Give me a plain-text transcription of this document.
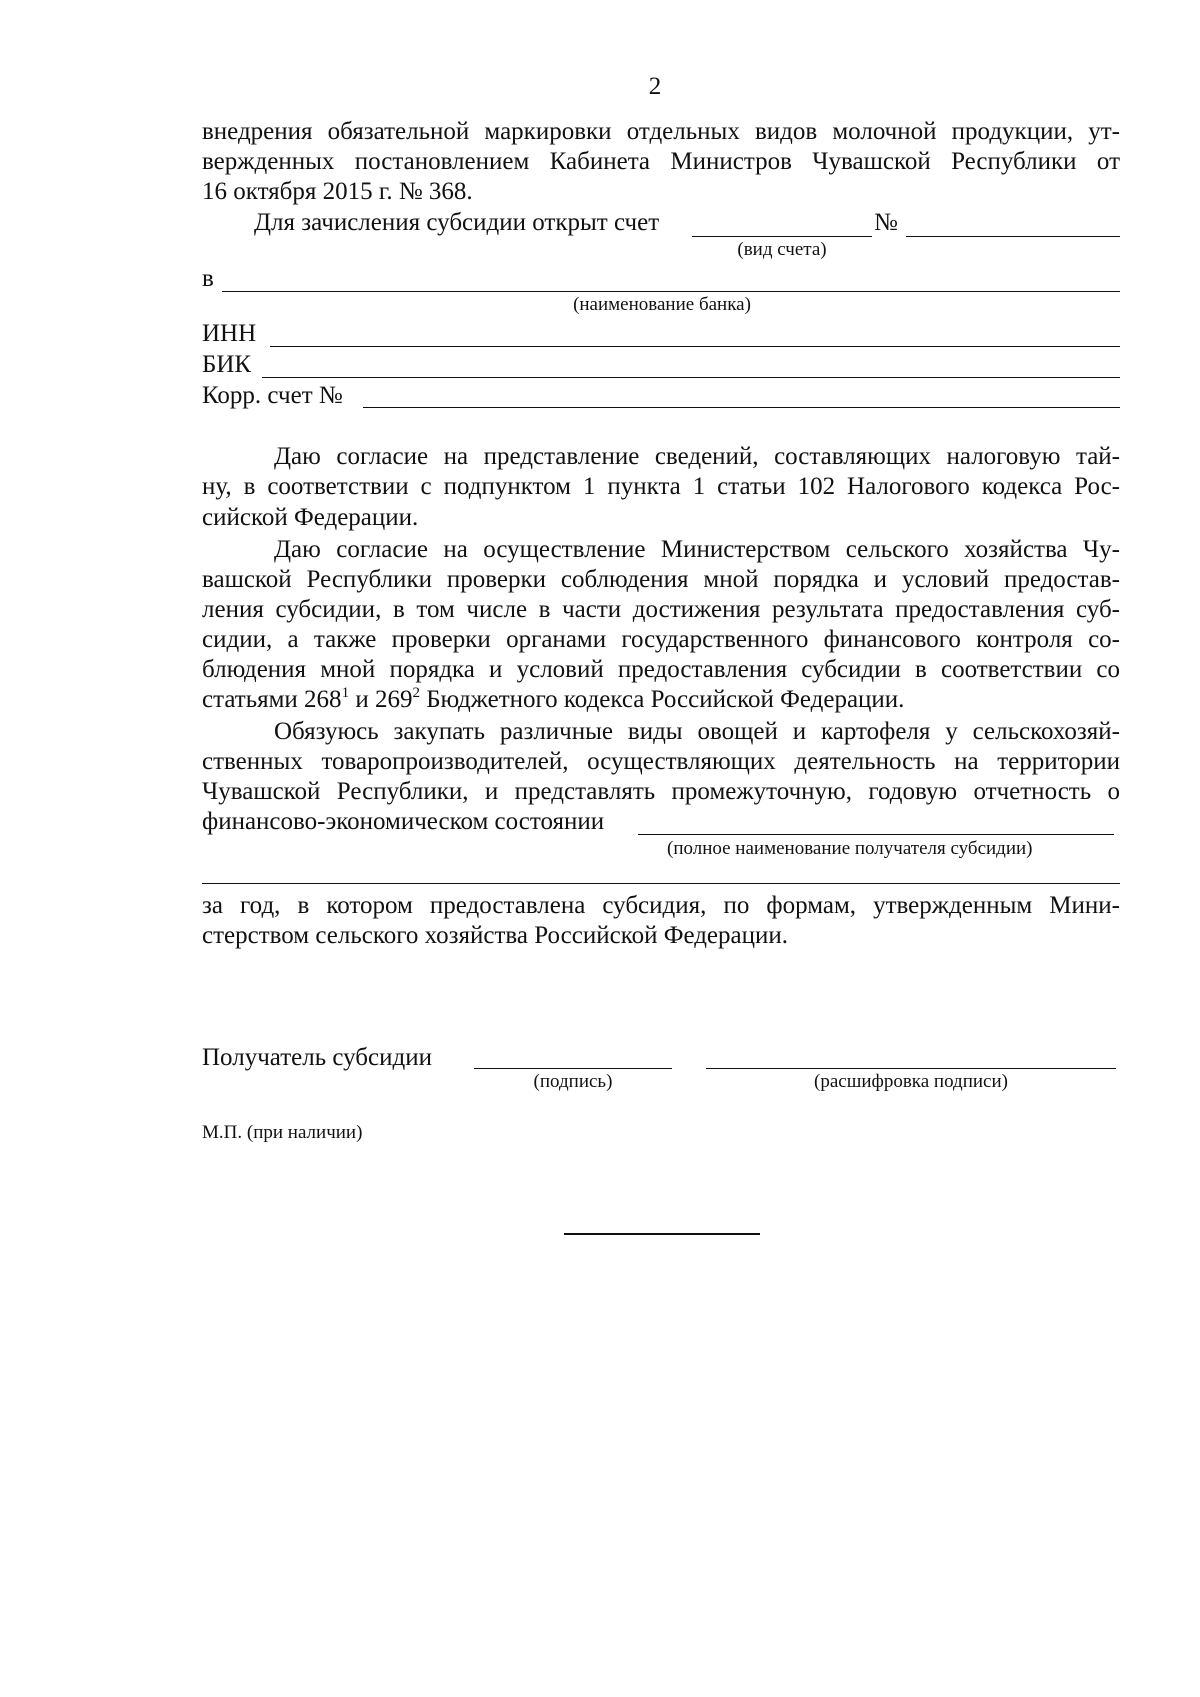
2
внедрения обязательной маркировки отдельных видов молочной продукции, ут-
вержденных постановлением Кабинета Министров Чувашской Республики от
16 октября 2015 г. № 368.
Для зачисления субсидии открыт счет	№
(вид счета)
в
(наименование банка)
ИНН
БИК
Корр. счет №
Даю согласие на представление сведений, составляющих налоговую тай-
ну, в соответствии с подпунктом 1 пункта 1 статьи 102 Налогового кодекса Рос-
сийской Федерации.
Даю согласие на осуществление Министерством сельского хозяйства Чу-
вашской Республики проверки соблюдения мной порядка и условий предостав-
ления субсидии, в том числе в части достижения результата предоставления суб-
сидии, а также проверки органами государственного финансового контроля со-
блюдения мной порядка и условий предоставления субсидии в соответствии со
статьями $268^1$ и $269^2$ Бюджетного кодекса Российской Федерации.
Обязуюсь закупать различные виды овощей и картофеля у сельскохозяй-
ственных товаропроизводителей, осуществляющих деятельность на территории
Чувашской Республики, и представлять промежуточную, годовую отчетность о
финансово-экономическом состоянии
(полное наименование получателя субсидии)
за год, в котором предоставлена субсидия, по формам, утвержденным Мини-
стерством сельского хозяйства Российской Федерации.
Получатель субсидии
(подпись)	(расшифровка подписи)
М.П. (при наличии)
